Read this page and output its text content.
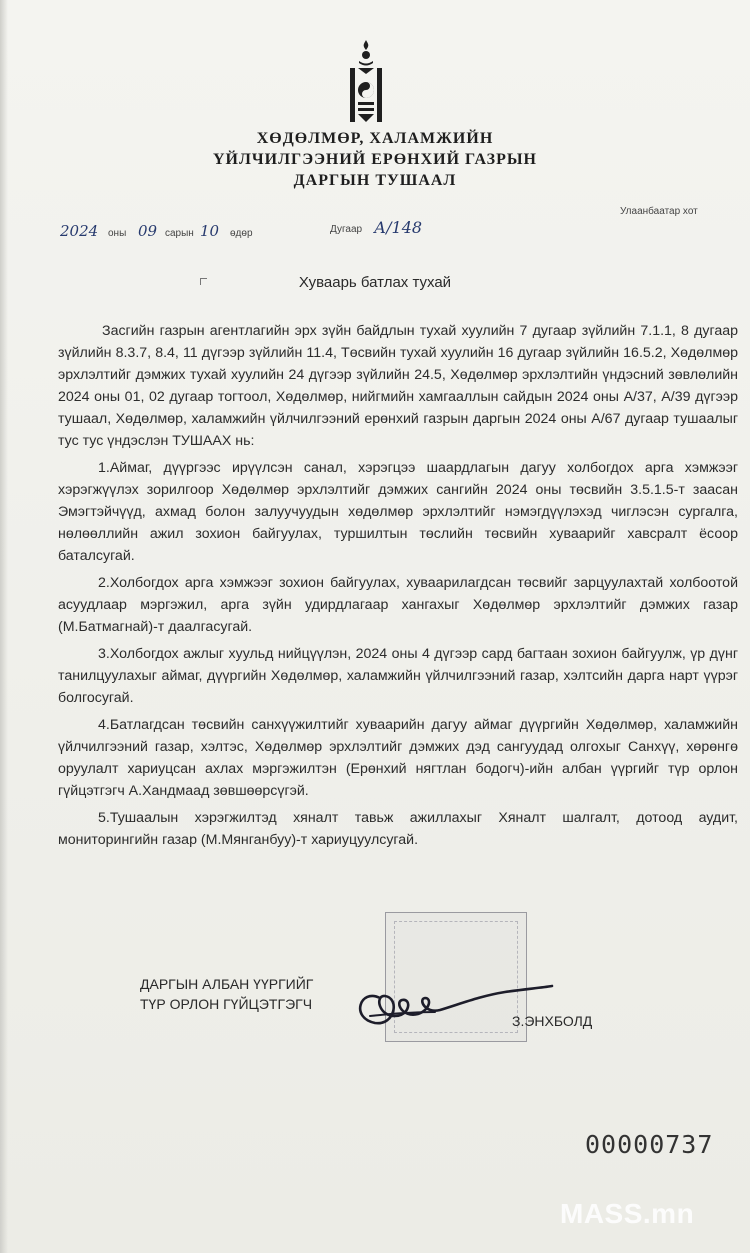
ХӨДӨЛМӨР, ХАЛАМЖИЙН
ҮЙЛЧИЛГЭЭНИЙ ЕРӨНХИЙ ГАЗРЫН
ДАРГЫН ТУШААЛ
2024 оны 09 сарын 10 өдөр	Дугаар А/148
Улаанбаатар хот
Хуваарь батлах тухай

Засгийн газрын агентлагийн эрх зүйн байдлын тухай хуулийн 7 дугаар зүйлийн 7.1.1, 8 дугаар зүйлийн 8.3.7, 8.4, 11 дүгээр зүйлийн 11.4, Төсвийн тухай хуулийн 16 дугаар зүйлийн 16.5.2, Хөдөлмөр эрхлэлтийг дэмжих тухай хуулийн 24 дүгээр зүйлийн 24.5, Хөдөлмөр эрхлэлтийн үндэсний зөвлөлийн 2024 оны 01, 02 дугаар тогтоол, Хөдөлмөр, нийгмийн хамгааллын сайдын 2024 оны А/37, А/39 дүгээр тушаал, Хөдөлмөр, халамжийн үйлчилгээний ерөнхий газрын даргын 2024 оны А/67 дугаар тушаалыг тус тус үндэслэн ТУШААХ нь:

1.Аймаг, дүүргээс ирүүлсэн санал, хэрэгцээ шаардлагын дагуу холбогдох арга хэмжээг хэрэгжүүлэх зорилгоор Хөдөлмөр эрхлэлтийг дэмжих сангийн 2024 оны төсвийн 3.5.1.5-т заасан Эмэгтэйчүүд, ахмад болон залуучуудын хөдөлмөр эрхлэлтийг нэмэгдүүлэхэд чиглэсэн сургалга, нөлөөллийн ажил зохион байгуулах, туршилтын төслийн төсвийн хуваарийг хавсралт ёсоор баталсугай.

2.Холбогдох арга хэмжээг зохион байгуулах, хуваарилагдсан төсвийг зарцуулахтай холбоотой асуудлаар мэргэжил, арга зүйн удирдлагаар хангахыг Хөдөлмөр эрхлэлтийг дэмжих газар (М.Батмагнай)-т даалгасугай.

3.Холбогдох ажлыг хуульд нийцүүлэн, 2024 оны 4 дүгээр сард багтаан зохион байгуулж, үр дүнг танилцуулахыг аймаг, дүүргийн Хөдөлмөр, халамжийн үйлчилгээний газар, хэлтсийн дарга нарт үүрэг болгосугай.

4.Батлагдсан төсвийн санхүүжилтийг хуваарийн дагуу аймаг дүүргийн Хөдөлмөр, халамжийн үйлчилгээний газар, хэлтэс, Хөдөлмөр эрхлэлтийг дэмжих дэд сангуудад олгохыг Санхүү, хөрөнгө оруулалт хариуцсан ахлах мэргэжилтэн (Ерөнхий нягтлан бодогч)-ийн албан үүргийг түр орлон гүйцэтгэгч А.Хандмаад зөвшөөрсүгэй.

5.Тушаалын хэрэгжилтэд хяналт тавьж ажиллахыг Хяналт шалгалт, дотоод аудит, мониторингийн газар (М.Мянганбуу)-т хариуцуулсугай.

ДАРГЫН АЛБАН ҮҮРГИЙГ
ТҮР ОРЛОН ГҮЙЦЭТГЭГЧ
З.ЭНХБОЛД
00000737
MASS.mn
